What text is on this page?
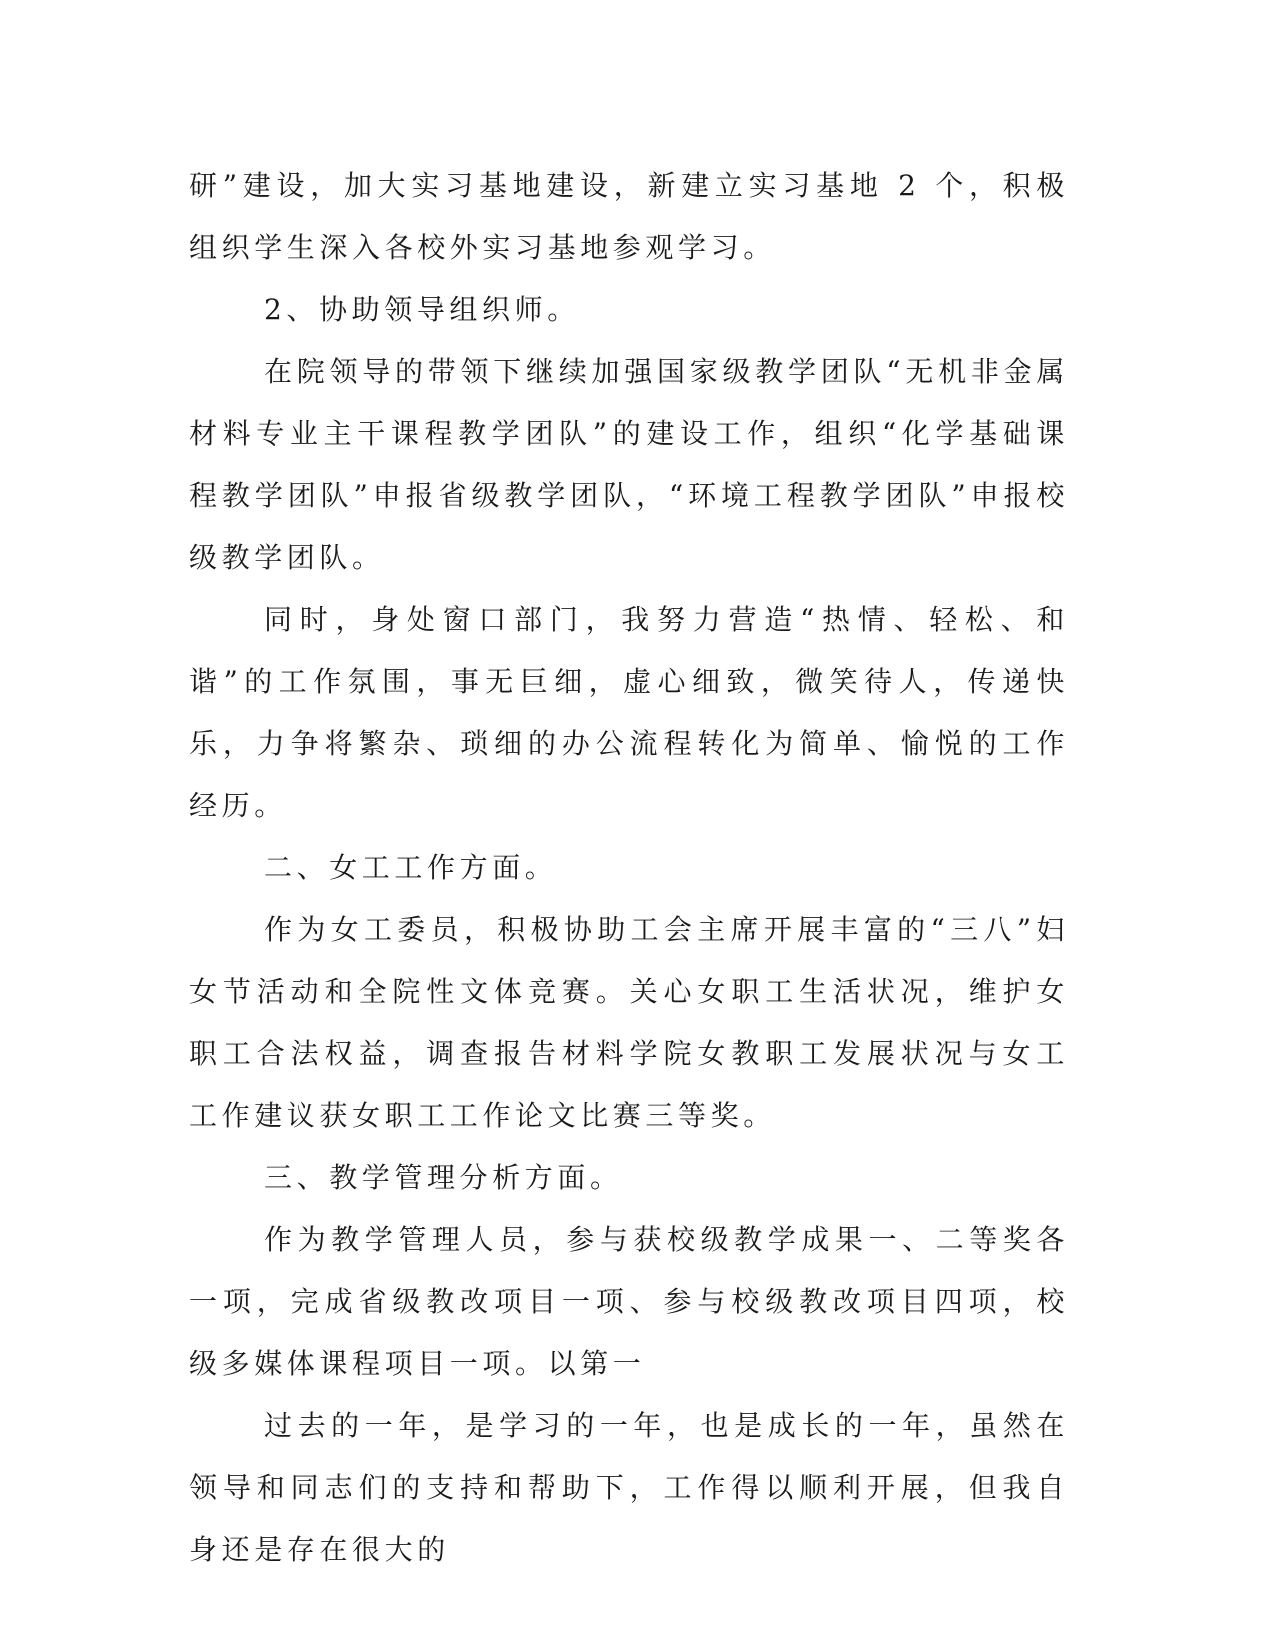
研”建设，加大实习基地建设，新建立实习基地 2 个，积极组织学生深入各校外实习基地参观学习。

2、协助领导组织师。

在院领导的带领下继续加强国家级教学团队“无机非金属材料专业主干课程教学团队”的建设工作，组织“化学基础课程教学团队”申报省级教学团队，“环境工程教学团队”申报校级教学团队。

同时，身处窗口部门，我努力营造“热情、轻松、和谐”的工作氛围，事无巨细，虚心细致，微笑待人，传递快乐，力争将繁杂、琐细的办公流程转化为简单、愉悦的工作经历。

二、女工工作方面。

作为女工委员，积极协助工会主席开展丰富的“三八”妇女节活动和全院性文体竞赛。关心女职工生活状况，维护女职工合法权益，调查报告材料学院女教职工发展状况与女工工作建议获女职工工作论文比赛三等奖。

三、教学管理分析方面。

作为教学管理人员，参与获校级教学成果一、二等奖各一项，完成省级教改项目一项、参与校级教改项目四项，校级多媒体课程项目一项。以第一

过去的一年，是学习的一年，也是成长的一年，虽然在领导和同志们的支持和帮助下，工作得以顺利开展，但我自身还是存在很大的
